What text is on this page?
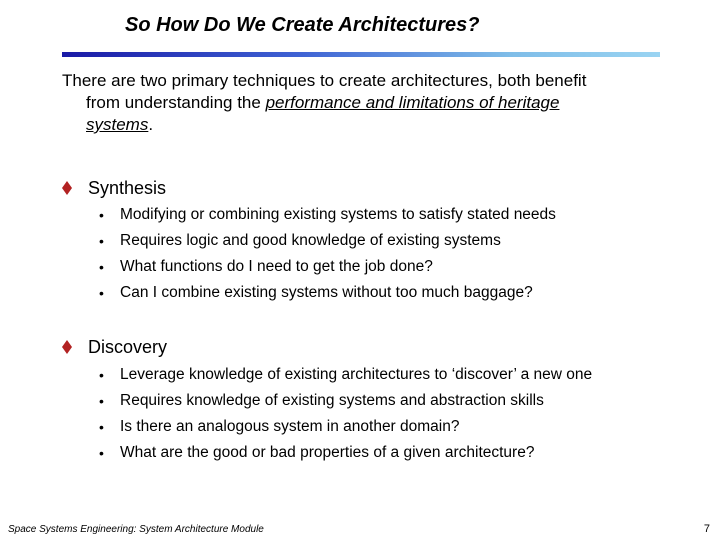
So How Do We Create Architectures?

There are two primary techniques to create architectures, both benefit

from understanding the performance and limitations of heritage
systems.

Synthesis
• Modifying or combining existing systems to satisfy stated needs
• Requires logic and good knowledge of existing systems
• What functions do I need to get the job done?
• Can I combine existing systems without too much baggage?
Discovery
• Leverage knowledge of existing architectures to ‘discover’ a new one
• Requires knowledge of existing systems and abstraction skills
• Is there an analogous system in another domain?
• What are the good or bad properties of a given architecture?
Space Systems Engineering: System Architecture Module	7
